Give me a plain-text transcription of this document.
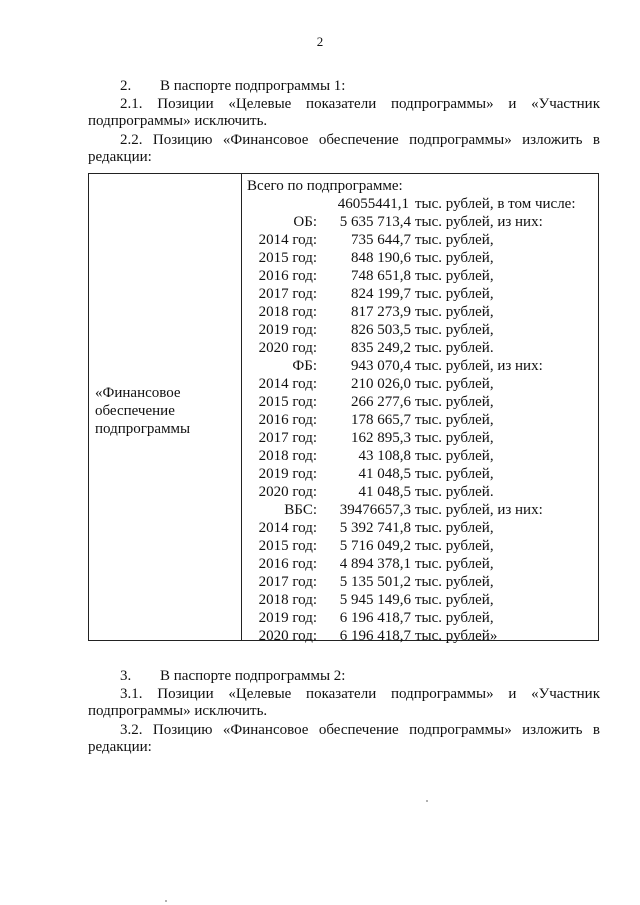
2
2. В паспорте подпрограммы 1:
2.1. Позиции «Целевые показатели подпрограммы» и «Участник
подпрограммы» исключить.
2.2. Позицию «Финансовое обеспечение подпрограммы» изложить в
редакции:
«Финансовое обеспечение подпрограммы
Всего по подпрограмме:
46055441,1 тыс. рублей, в том числе:
ОБ: 5 635 713,4 тыс. рублей, из них:
2014 год: 735 644,7 тыс. рублей,
2015 год: 848 190,6 тыс. рублей,
2016 год: 748 651,8 тыс. рублей,
2017 год: 824 199,7 тыс. рублей,
2018 год: 817 273,9 тыс. рублей,
2019 год: 826 503,5 тыс. рублей,
2020 год: 835 249,2 тыс. рублей.
ФБ: 943 070,4 тыс. рублей, из них:
2014 год: 210 026,0 тыс. рублей,
2015 год: 266 277,6 тыс. рублей,
2016 год: 178 665,7 тыс. рублей,
2017 год: 162 895,3 тыс. рублей,
2018 год:	43 108,8 тыс. рублей,
2019 год:	41 048,5 тыс. рублей,
2020 год:	41 048,5 тыс. рублей.
ВБС: 39476657,3 тыс. рублей, из них:
2014 год: 5 392 741,8 тыс. рублей,
2015 год: 5 716 049,2 тыс. рублей,
2016 год: 4 894 378,1 тыс. рублей,
2017 год: 5 135 501,2 тыс. рублей,
2018 год: 5 945 149,6 тыс. рублей,
2019 год: 6 196 418,7 тыс. рублей,
2020 год: 6 196 418,7 тыс. рублей»
3. В паспорте подпрограммы 2:
3.1. Позиции «Целевые показатели подпрограммы» и «Участник
подпрограммы» исключить.
3.2. Позицию «Финансовое обеспечение подпрограммы» изложить в
редакции:
